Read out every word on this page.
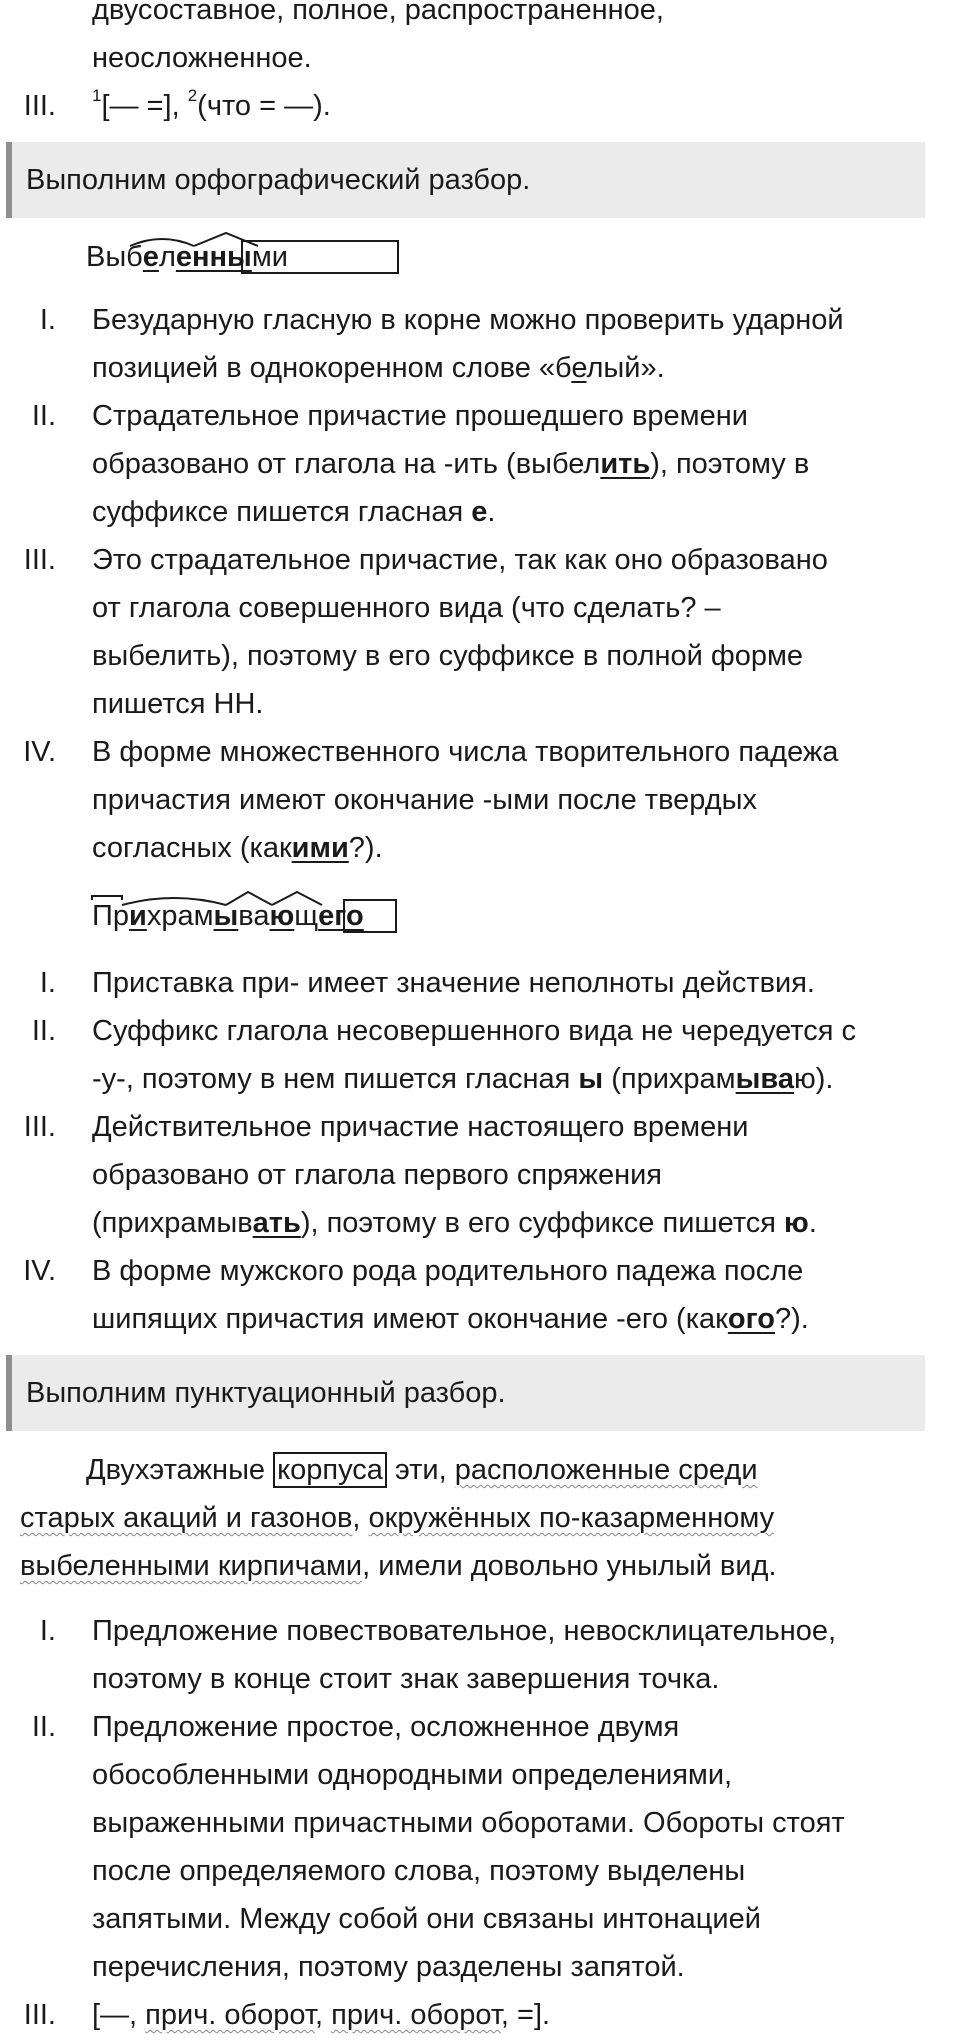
двусоставное, полное, распространенное,
неосложненное.
III. $^1$[— =], $^2$(что = —).
Выполним орфографический разбор.
Выбеленными
I. Безударную гласную в корне можно проверить ударной
позицией в однокоренном слове «белый».
II. Страдательное причастие прошедшего времени
образовано от глагола на -ить (выбелить), поэтому в
суффиксе пишется гласная е.
III. Это страдательное причастие, так как оно образовано
от глагола совершенного вида (что сделать? –
выбелить), поэтому в его суффиксе в полной форме
пишется НН.
IV. В форме множественного числа творительного падежа
причастия имеют окончание -ыми после твердых
согласных (какими?).
Прихрамывающего
I. Приставка при- имеет значение неполноты действия.
II. Суффикс глагола несовершенного вида не чередуется с
-у-, поэтому в нем пишется гласная ы (прихрамываю).
III. Действительное причастие настоящего времени
образовано от глагола первого спряжения
(прихрамывать), поэтому в его суффиксе пишется ю.
IV. В форме мужского рода родительного падежа после
шипящих причастия имеют окончание -его (какого?).
Выполним пунктуационный разбор.
Двухэтажные корпуса эти, расположенные среди
старых акаций и газонов, окружённых по-казарменному
выбеленными кирпичами, имели довольно унылый вид.
I. Предложение повествовательное, невосклицательное,
поэтому в конце стоит знак завершения точка.
II. Предложение простое, осложненное двумя
обособленными однородными определениями,
выраженными причастными оборотами. Обороты стоят
после определяемого слова, поэтому выделены
запятыми. Между собой они связаны интонацией
перечисления, поэтому разделены запятой.
III. [—, прич. оборот, прич. оборот, =].
